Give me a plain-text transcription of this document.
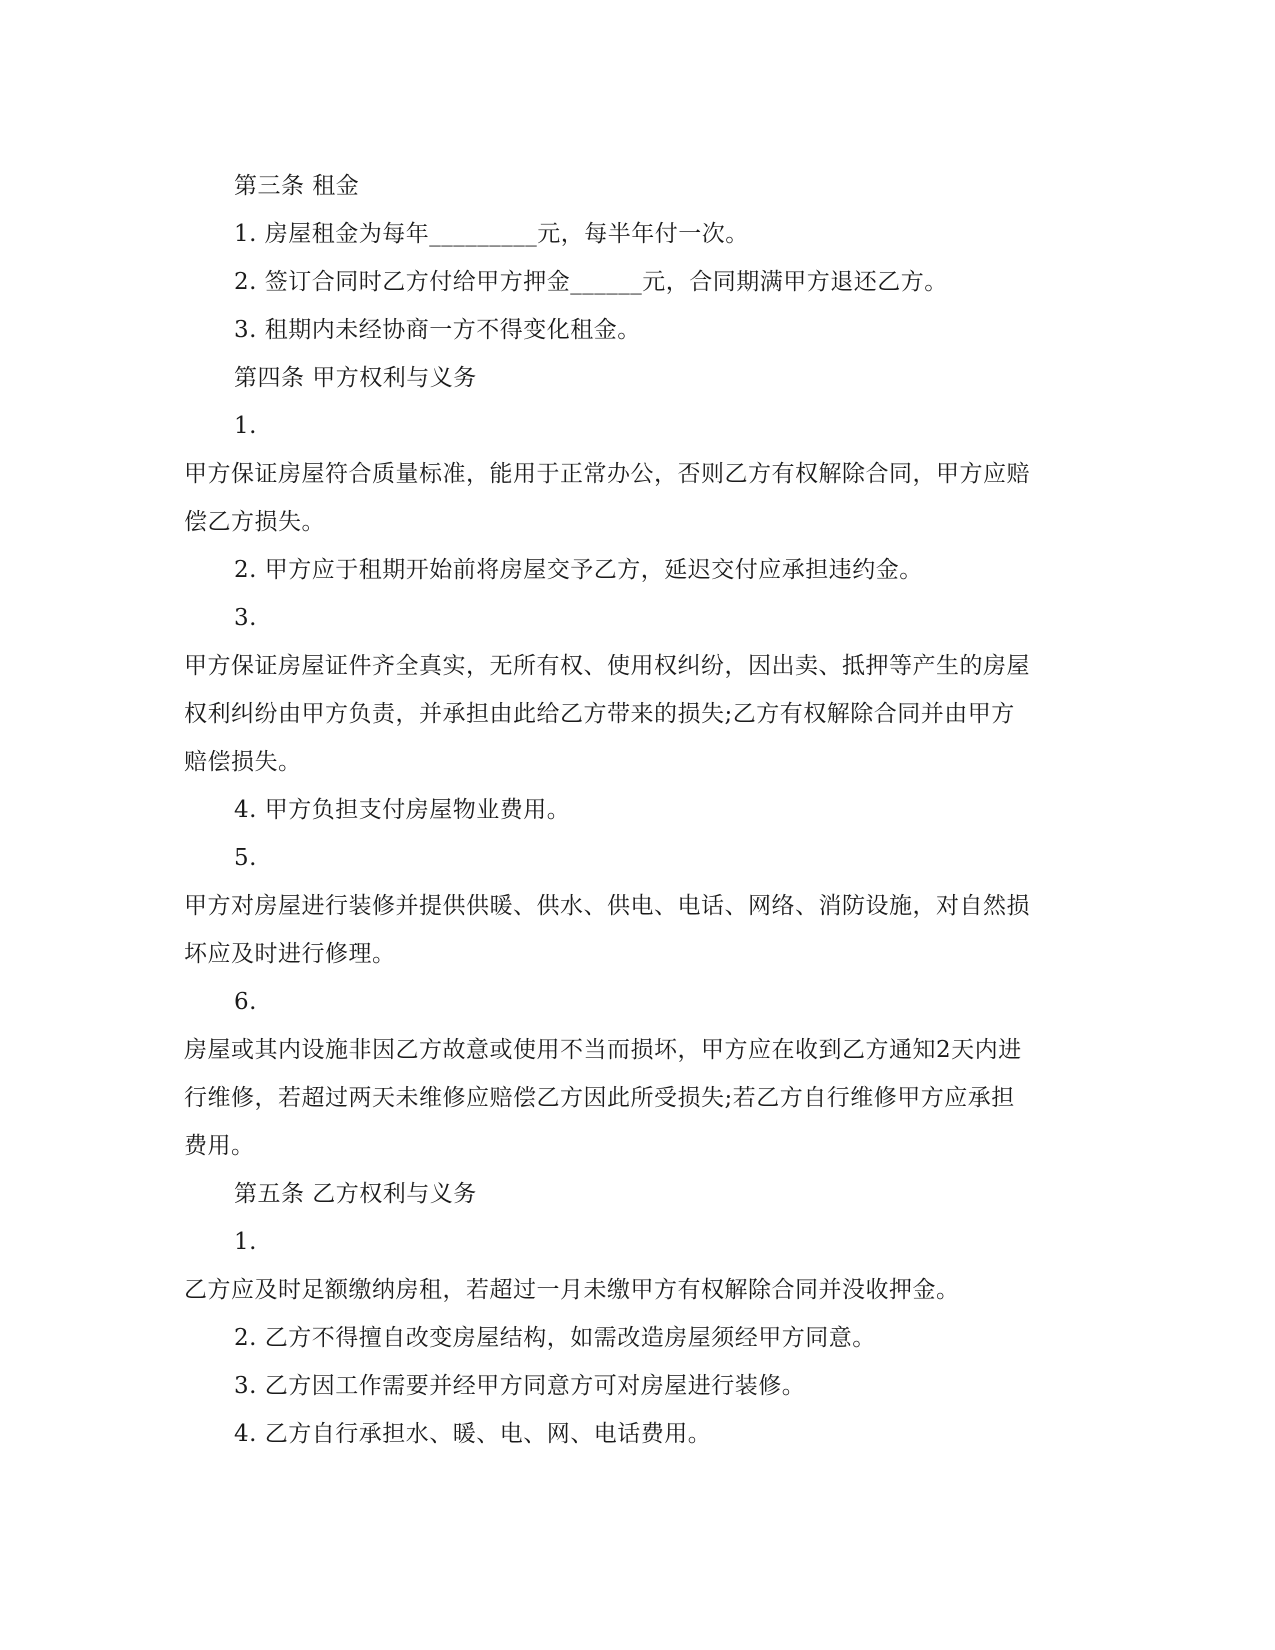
第三条 租金
1. 房屋租金为每年_________元，每半年付一次。
2. 签订合同时乙方付给甲方押金______元，合同期满甲方退还乙方。
3. 租期内未经协商一方不得变化租金。
第四条 甲方权利与义务
1.
甲方保证房屋符合质量标准，能用于正常办公，否则乙方有权解除合同，甲方应赔
偿乙方损失。
2. 甲方应于租期开始前将房屋交予乙方，延迟交付应承担违约金。
3.
甲方保证房屋证件齐全真实，无所有权、使用权纠纷，因出卖、抵押等产生的房屋
权利纠纷由甲方负责，并承担由此给乙方带来的损失;乙方有权解除合同并由甲方
赔偿损失。
4. 甲方负担支付房屋物业费用。
5.
甲方对房屋进行装修并提供供暖、供水、供电、电话、网络、消防设施，对自然损
坏应及时进行修理。
6.
房屋或其内设施非因乙方故意或使用不当而损坏，甲方应在收到乙方通知2天内进
行维修，若超过两天未维修应赔偿乙方因此所受损失;若乙方自行维修甲方应承担
费用。
第五条 乙方权利与义务
1.
乙方应及时足额缴纳房租，若超过一月未缴甲方有权解除合同并没收押金。
2. 乙方不得擅自改变房屋结构，如需改造房屋须经甲方同意。
3. 乙方因工作需要并经甲方同意方可对房屋进行装修。
4. 乙方自行承担水、暖、电、网、电话费用。
